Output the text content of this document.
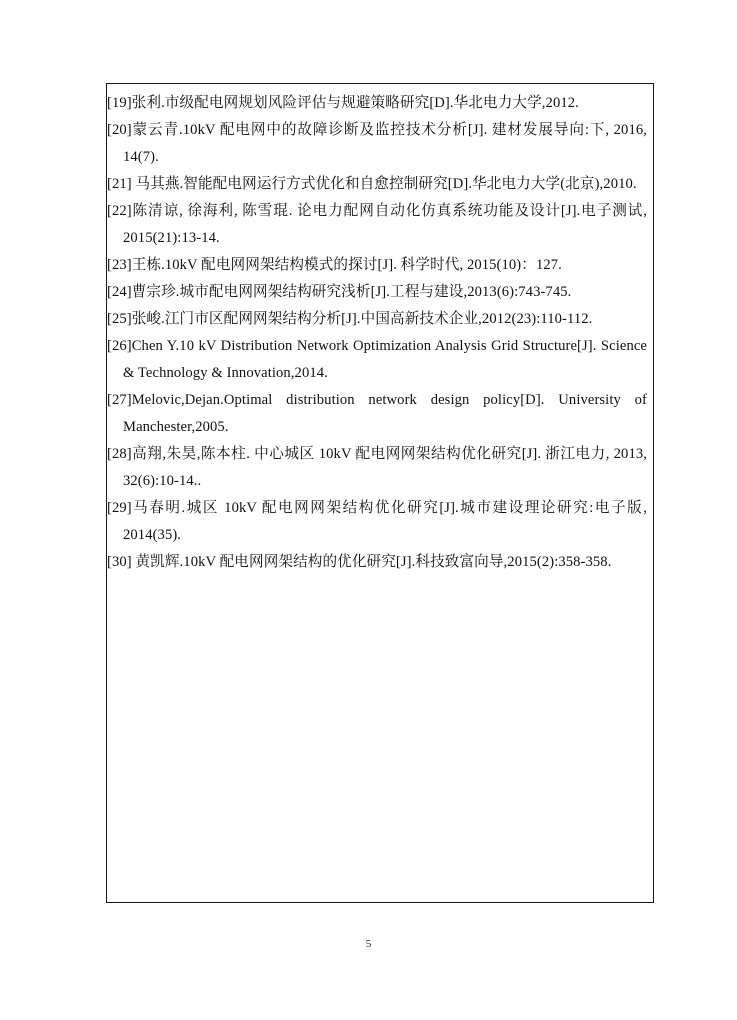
[19]张利.市级配电网规划风险评估与规避策略研究[D].华北电力大学,2012.
[20]蒙云青.10kV 配电网中的故障诊断及监控技术分析[J]. 建材发展导向:下, 2016, 14(7).
[21] 马其燕.智能配电网运行方式优化和自愈控制研究[D].华北电力大学(北京),2010.
[22]陈清谅, 徐海利, 陈雪琨. 论电力配网自动化仿真系统功能及设计[J].电子测试, 2015(21):13-14.
[23]王栋.10kV 配电网网架结构模式的探讨[J]. 科学时代, 2015(10)：127.
[24]曹宗珍.城市配电网网架结构研究浅析[J].工程与建设,2013(6):743-745.
[25]张峻.江门市区配网网架结构分析[J].中国高新技术企业,2012(23):110-112.
[26]Chen Y.10 kV Distribution Network Optimization Analysis Grid Structure[J]. Science & Technology & Innovation,2014.
[27]Melovic,Dejan.Optimal distribution network design policy[D]. University of Manchester,2005.
[28]高翔,朱昊,陈本柱. 中心城区 10kV 配电网网架结构优化研究[J]. 浙江电力, 2013, 32(6):10-14..
[29]马春明.城区 10kV 配电网网架结构优化研究[J].城市建设理论研究:电子版, 2014(35).
[30] 黄凯辉.10kV 配电网网架结构的优化研究[J].科技致富向导,2015(2):358-358.
5
